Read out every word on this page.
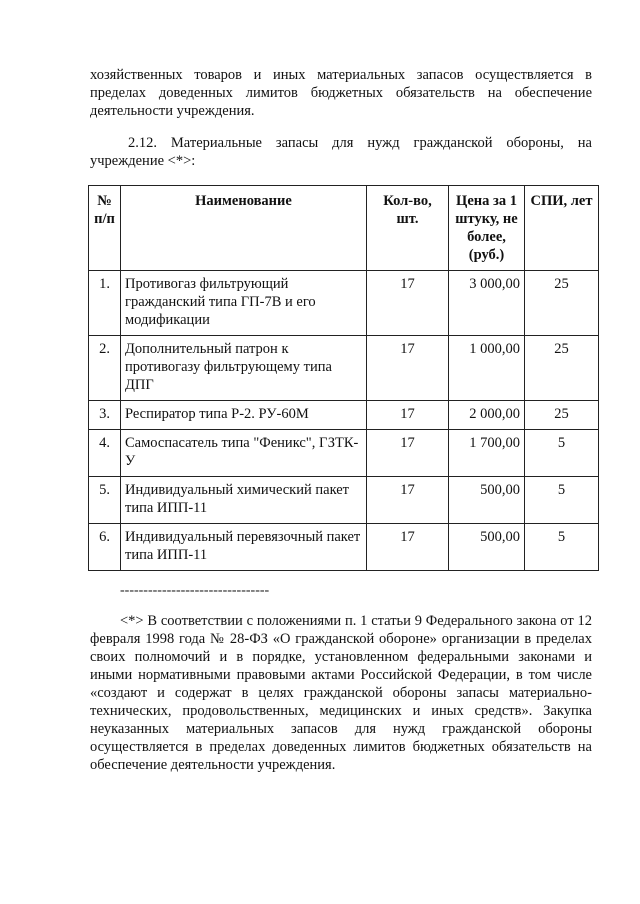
хозяйственных товаров и иных материальных запасов осуществляется в пределах доведенных лимитов бюджетных обязательств на обеспечение деятельности учреждения.

2.12. Материальные запасы для нужд гражданской обороны, на учреждение <*>:

№ п/п	Наименование	Кол-во, шт.	Цена за 1 штуку, не более, (руб.)	СПИ, лет
1.	Противогаз фильтрующий гражданский типа ГП-7В и его модификации	17	3 000,00	25
2.	Дополнительный патрон к противогазу фильтрующему типа ДПГ	17	1 000,00	25
3.	Респиратор типа Р-2. РУ-60М	17	2 000,00	25
4.	Самоспасатель типа "Феникс", ГЗТК-У	17	1 700,00	5
5.	Индивидуальный химический пакет типа ИПП-11	17	500,00	5
6.	Индивидуальный перевязочный пакет типа ИПП-11	17	500,00	5

--------------------------------

<*> В соответствии с положениями п. 1 статьи 9 Федерального закона от 12 февраля 1998 года № 28-ФЗ «О гражданской обороне» организации в пределах своих полномочий и в порядке, установленном федеральными законами и иными нормативными правовыми актами Российской Федерации, в том числе «создают и содержат в целях гражданской обороны запасы материально-технических, продовольственных, медицинских и иных средств». Закупка неуказанных материальных запасов для нужд гражданской обороны осуществляется в пределах доведенных лимитов бюджетных обязательств на обеспечение деятельности учреждения.
